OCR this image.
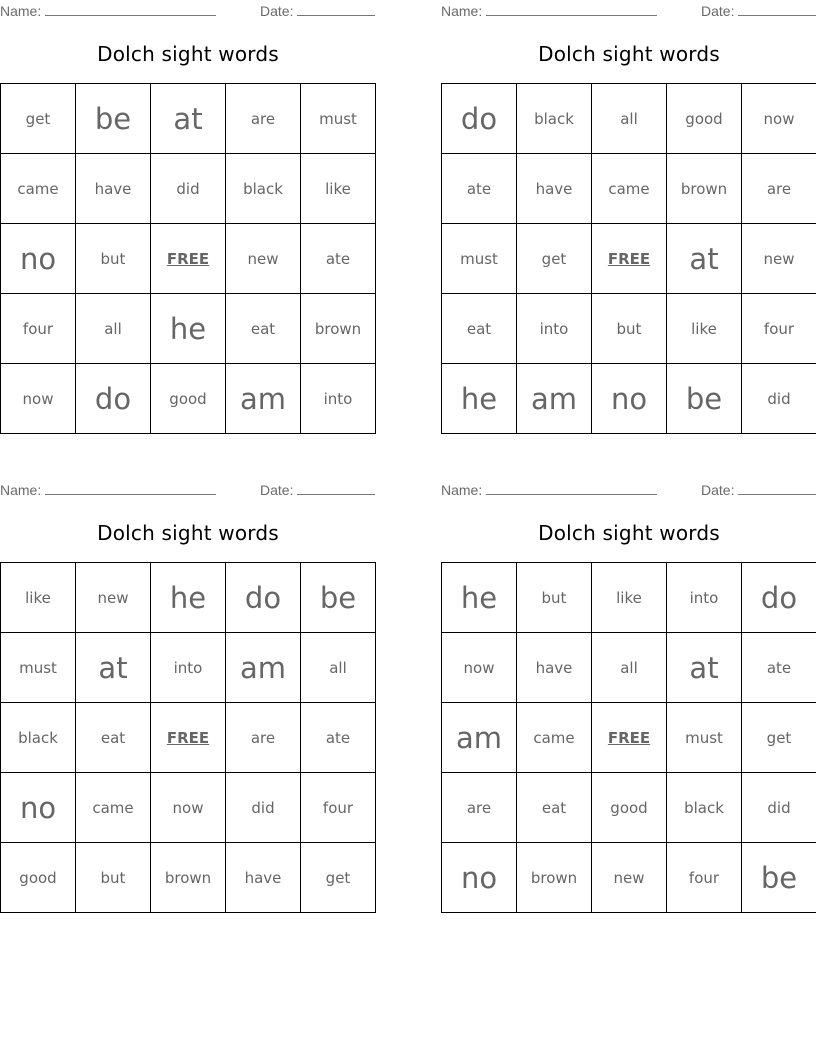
Name:	Date:
Dolch sight words
get	be	at	are	must
came	have	did	black	like
no	but	FREE	new	ate
four	all	he	eat	brown
now	do	good	am	into
Name:	Date:
Dolch sight words
do	black	all	good	now
ate	have	came	brown	are
must	get	FREE	at	new
eat	into	but	like	four
he	am	no	be	did
Name:	Date:
Dolch sight words
like	new	he	do	be
must	at	into	am	all
black	eat	FREE	are	ate
no	came	now	did	four
good	but	brown	have	get
Name:	Date:
Dolch sight words
he	but	like	into	do
now	have	all	at	ate
am	came	FREE	must	get
are	eat	good	black	did
no	brown	new	four	be
